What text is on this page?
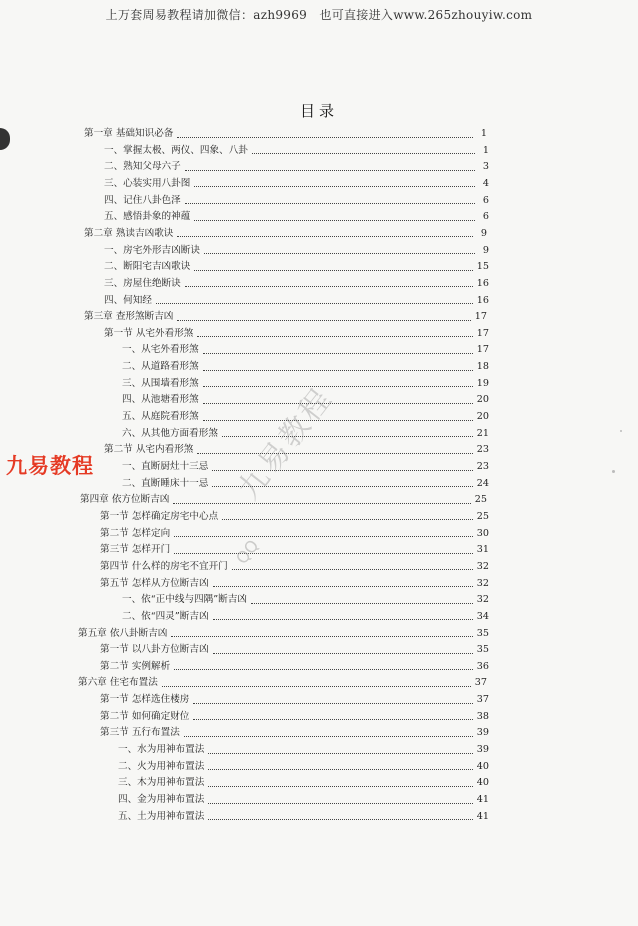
上万套周易教程请加微信：azh9969　也可直接进入www.265zhouyiw.com
目录
第一章 基础知识必备	1
一、掌握太极、两仪、四象、八卦	1
二、熟知父母六子	3
三、心装实用八卦图	4
四、记住八卦色泽	6
五、感悟卦象的神蕴	6
第二章 熟读吉凶歌诀	9
一、房宅外形吉凶断诀	9
二、断阳宅吉凶歌诀	15
三、房屋住绝断诀	16
四、何知经	16
第三章 查形煞断吉凶	17
第一节 从宅外看形煞	17
一、从宅外看形煞	17
二、从道路看形煞	18
三、从围墙看形煞	19
四、从池塘看形煞	20
五、从庭院看形煞	20
六、从其他方面看形煞	21
第二节 从宅内看形煞	23
一、直断厨灶十三忌	23
二、直断睡床十一忌	24
第四章 依方位断吉凶	25
第一节 怎样确定房宅中心点	25
第二节 怎样定向	30
第三节 怎样开门	31
第四节 什么样的房宅不宜开门	32
第五节 怎样从方位断吉凶	32
一、依“正中线与四隅”断吉凶	32
二、依“四灵”断吉凶	34
第五章 依八卦断吉凶	35
第一节 以八卦方位断吉凶	35
第二节 实例解析	36
第六章 住宅布置法	37
第一节 怎样选住楼房	37
第二节 如何确定财位	38
第三节 五行布置法	39
一、水为用神布置法	39
二、火为用神布置法	40
三、木为用神布置法	40
四、金为用神布置法	41
五、土为用神布置法	41
九易教程
QQ
九易教程
